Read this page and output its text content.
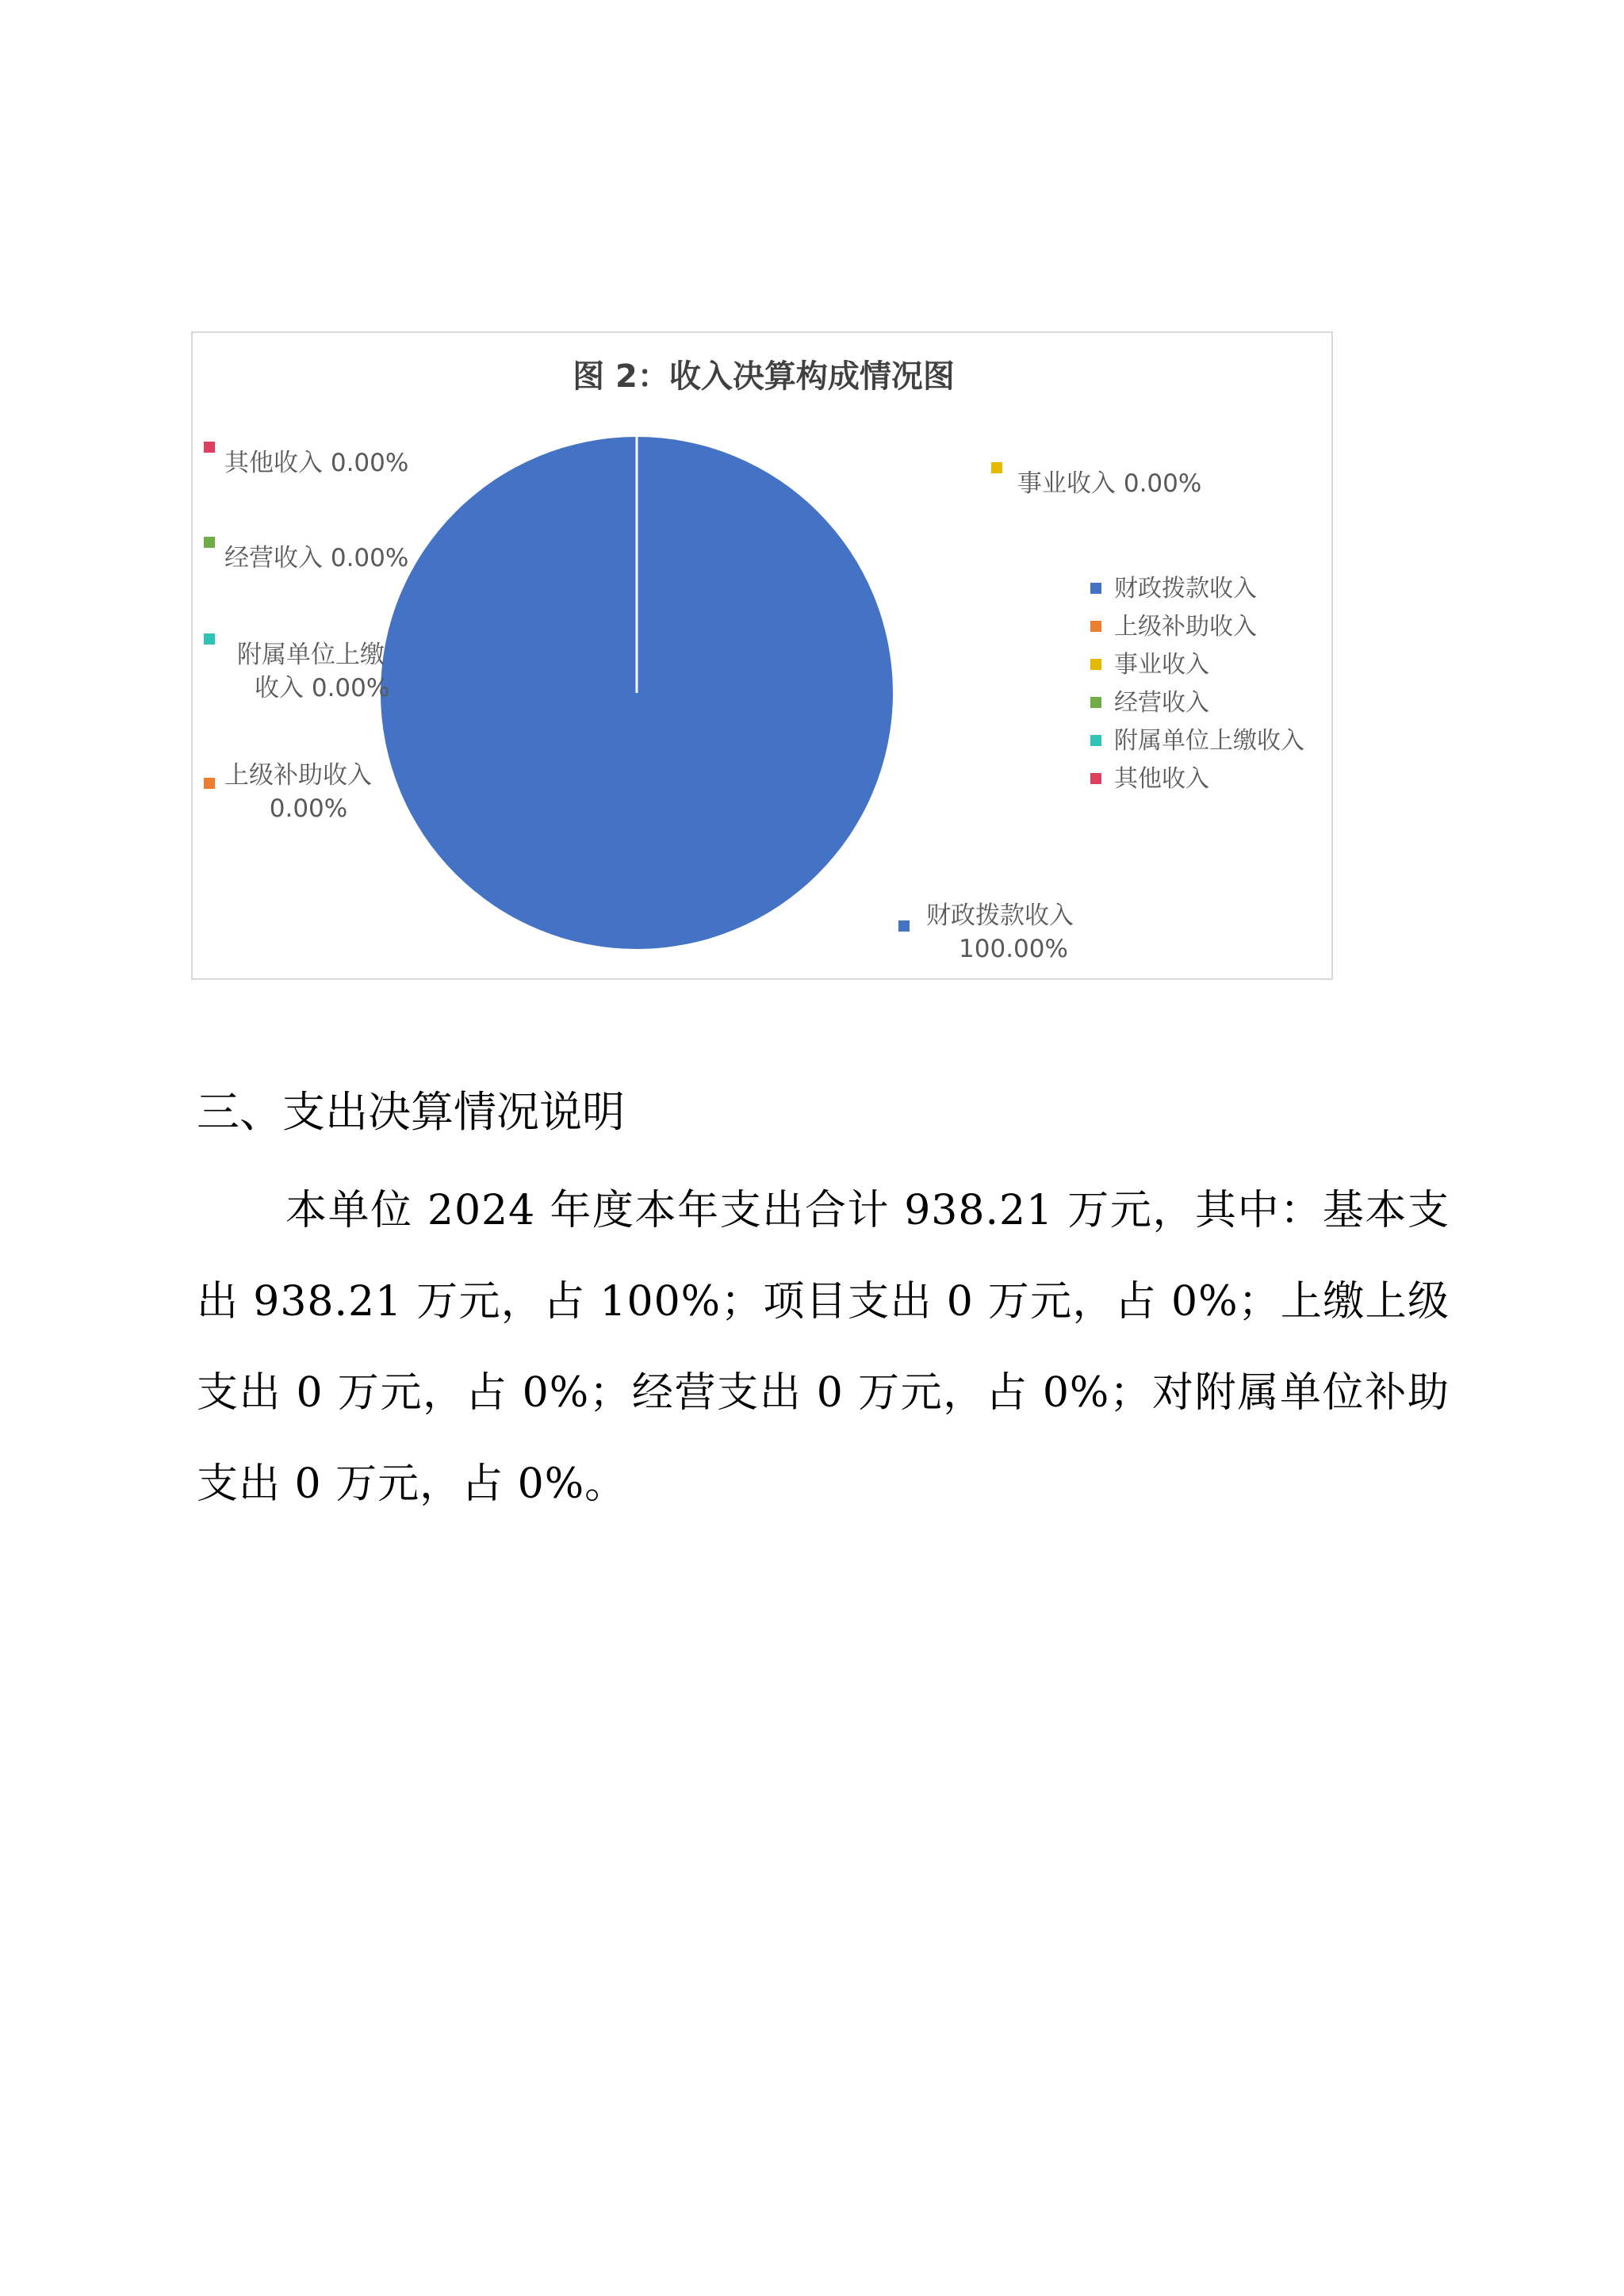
图 2：收入决算构成情况图
财政拨款收入
100.00%
上级补助收入
0.00%
事业收入 0.00%
经营收入 0.00%
附属单位上缴
收入 0.00%
其他收入 0.00%
财政拨款收入
上级补助收入
事业收入
经营收入
附属单位上缴收入
其他收入
三、支出决算情况说明
本单位 2024 年度本年支出合计 938.21 万元，其中：基本支出 938.21 万元，占 100%；项目支出 0 万元，占 0%；上缴上级支出 0 万元，占 0%；经营支出 0 万元，占 0%；对附属单位补助支出 0 万元，占 0%。
